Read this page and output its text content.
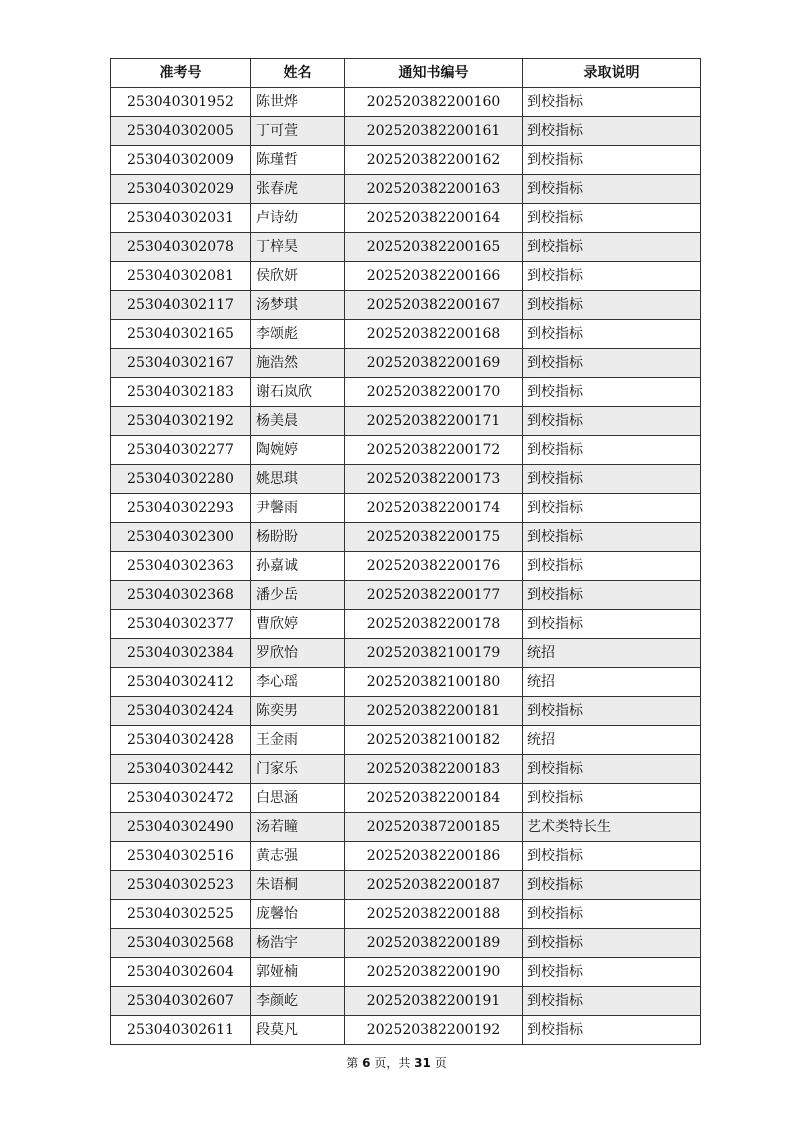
准考号	姓名	通知书编号	录取说明
253040301952	陈世烨	202520382200160	到校指标
253040302005	丁可萱	202520382200161	到校指标
253040302009	陈瑾哲	202520382200162	到校指标
253040302029	张春虎	202520382200163	到校指标
253040302031	卢诗幼	202520382200164	到校指标
253040302078	丁梓昊	202520382200165	到校指标
253040302081	侯欣妍	202520382200166	到校指标
253040302117	汤梦琪	202520382200167	到校指标
253040302165	李颂彪	202520382200168	到校指标
253040302167	施浩然	202520382200169	到校指标
253040302183	谢石岚欣	202520382200170	到校指标
253040302192	杨美晨	202520382200171	到校指标
253040302277	陶婉婷	202520382200172	到校指标
253040302280	姚思琪	202520382200173	到校指标
253040302293	尹馨雨	202520382200174	到校指标
253040302300	杨盼盼	202520382200175	到校指标
253040302363	孙嘉诚	202520382200176	到校指标
253040302368	潘少岳	202520382200177	到校指标
253040302377	曹欣婷	202520382200178	到校指标
253040302384	罗欣怡	202520382100179	统招
253040302412	李心瑶	202520382100180	统招
253040302424	陈奕男	202520382200181	到校指标
253040302428	王金雨	202520382100182	统招
253040302442	门家乐	202520382200183	到校指标
253040302472	白思涵	202520382200184	到校指标
253040302490	汤若瞳	202520387200185	艺术类特长生
253040302516	黄志强	202520382200186	到校指标
253040302523	朱语桐	202520382200187	到校指标
253040302525	庞馨怡	202520382200188	到校指标
253040302568	杨浩宇	202520382200189	到校指标
253040302604	郭娅楠	202520382200190	到校指标
253040302607	李颜屹	202520382200191	到校指标
253040302611	段莫凡	202520382200192	到校指标
第 6 页，共 31 页
